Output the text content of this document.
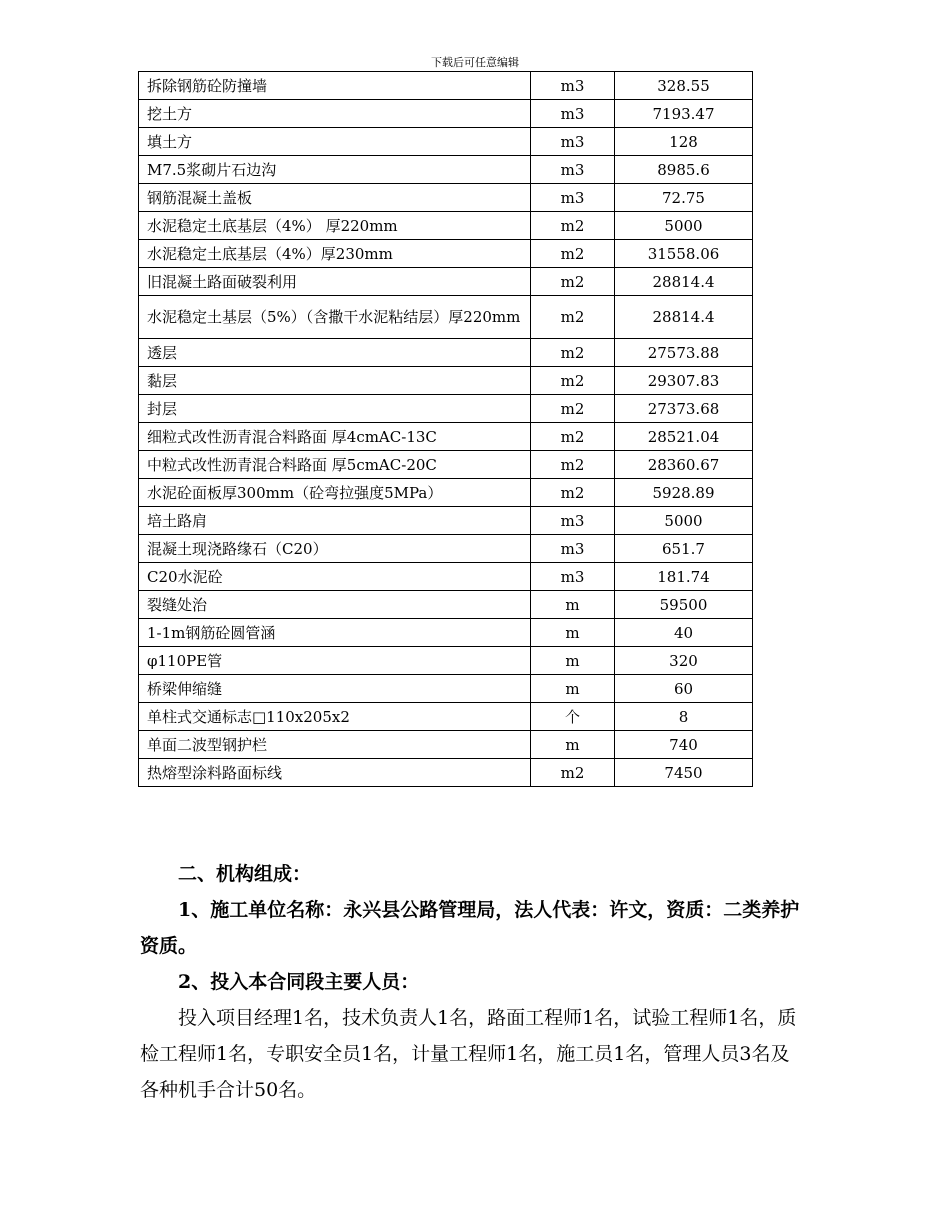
下载后可任意编辑
拆除钢筋砼防撞墙	m3	328.55
挖土方	m3	7193.47
填土方	m3	128
M7.5浆砌片石边沟	m3	8985.6
钢筋混凝土盖板	m3	72.75
水泥稳定土底基层（4%） 厚220mm	m2	5000
水泥稳定土底基层（4%）厚230mm	m2	31558.06
旧混凝土路面破裂利用	m2	28814.4
水泥稳定土基层（5%）（含撒干水泥粘结层）厚220mm	m2	28814.4
透层	m2	27573.88
黏层	m2	29307.83
封层	m2	27373.68
细粒式改性沥青混合料路面 厚4cmAC-13C	m2	28521.04
中粒式改性沥青混合料路面 厚5cmAC-20C	m2	28360.67
水泥砼面板厚300mm（砼弯拉强度5MPa）	m2	5928.89
培土路肩	m3	5000
混凝土现浇路缘石（C20）	m3	651.7
C20水泥砼	m3	181.74
裂缝处治	m	59500
1-1m钢筋砼圆管涵	m	40
φ110PE管	m	320
桥梁伸缩缝	m	60
单柱式交通标志□110x205x2	个	8
单面二波型钢护栏	m	740
热熔型涂料路面标线	m2	7450

二、机构组成：

1、施工单位名称：永兴县公路管理局，法人代表：许文，资质：二类养护资质。

2、投入本合同段主要人员：

投入项目经理1名，技术负责人1名，路面工程师1名，试验工程师1名，质检工程师1名，专职安全员1名，计量工程师1名，施工员1名，管理人员3名及各种机手合计50名。
